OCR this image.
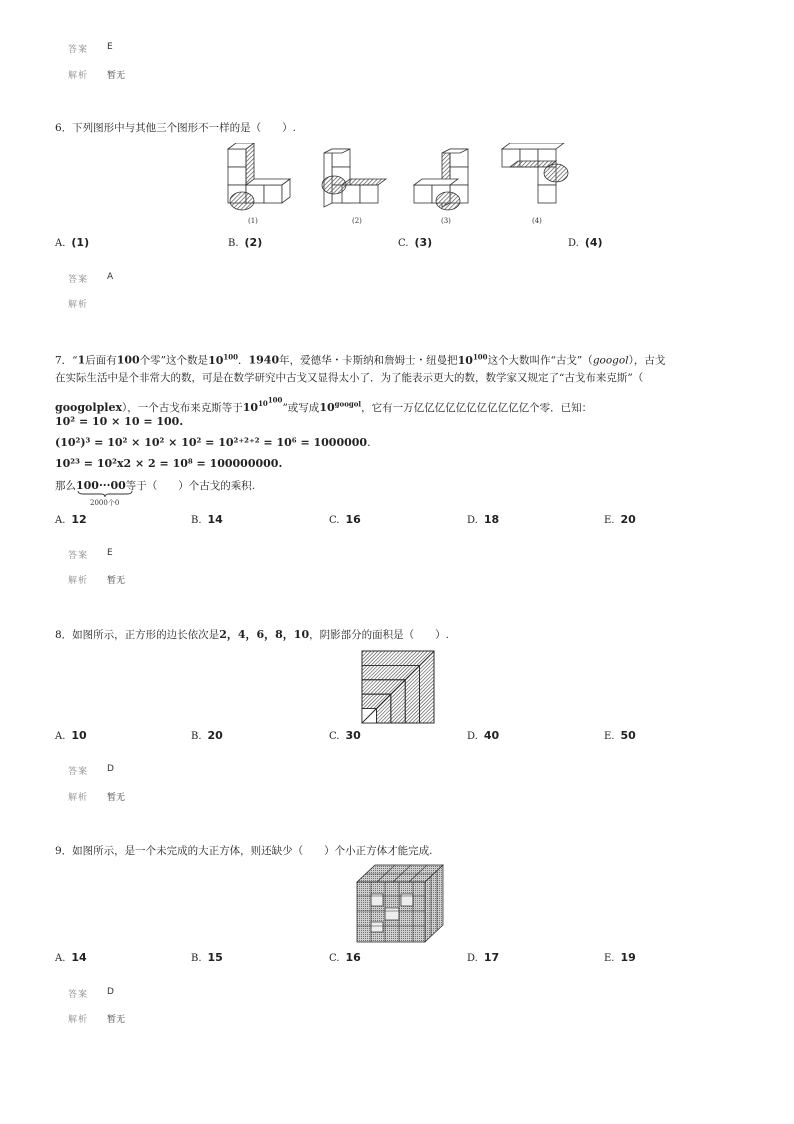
答案 E
解析 暂无
6．下列图形中与其他三个图形不一样的是（　　）.
(1)	(2)	(3)	(4)
A. (1)	B. (2)	C. (3)	D. (4)
答案 A
解析
7．“1后面有100个零”这个数是$10^{100}$．1940年，爱德华・卡斯纳和詹姆士・纽曼把$10^{100}$这个大数叫作“古戈”（googol），古戈
在实际生活中是个非常大的数，可是在数学研究中古戈又显得太小了．为了能表示更大的数，数学家又规定了“古戈布来克斯”（
googolplex），一个古戈布来克斯等于$10^{10^{100}}$”或写成$10^{googol}$，它有一万亿亿亿亿亿亿亿亿亿亿亿个零．已知：
10² = 10 × 10 = 100.
(10²)³ = 10² × 10² × 10² = 10²⁺²⁺² = 10⁶ = 1000000.
10²³ = 10²x2 × 2 = 10⁸ = 100000000.
那么100···00等于（　　）个古戈的乘积.
2000个0
A. 12	B. 14	C. 16	D. 18	E. 20
答案 E
解析 暂无
8．如图所示，正方形的边长依次是2，4，6，8，10，阴影部分的面积是（　　）.
A. 10	B. 20	C. 30	D. 40	E. 50
答案 D
解析 暂无
9．如图所示，是一个未完成的大正方体，则还缺少（　　）个小正方体才能完成.
A. 14	B. 15	C. 16	D. 17	E. 19
答案 D
解析 暂无
